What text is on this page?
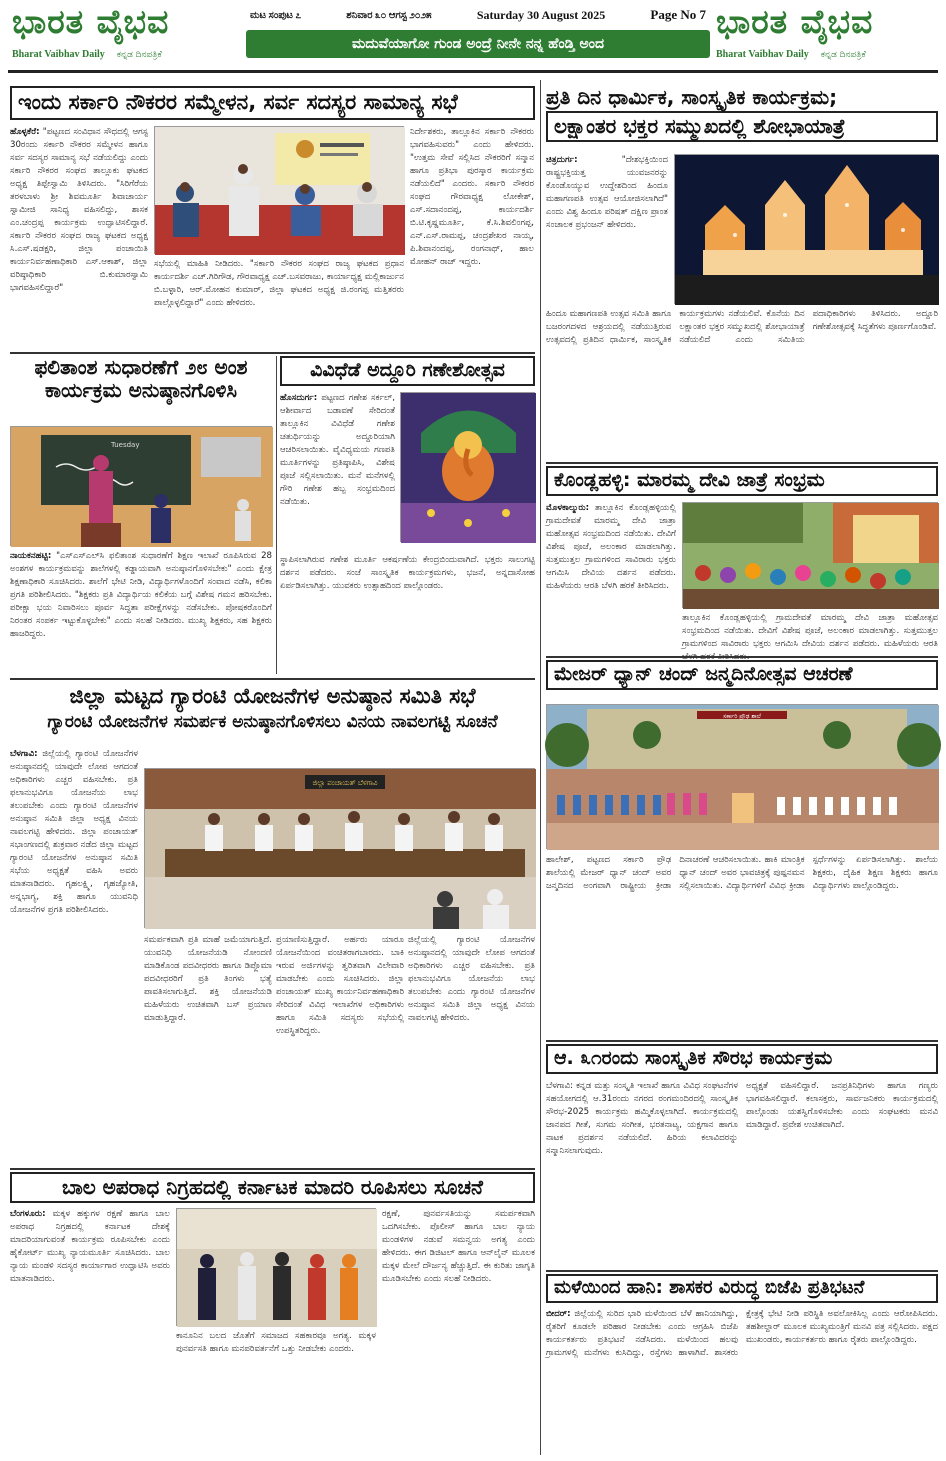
ಭಾರತ ವೈಭವ
Bharat Vaibhav Daily ಕನ್ನಡ ದಿನಪತ್ರಿಕೆ
ಮಟ ಸಂಪುಟ ೭	ಶನಿವಾರ ೩೦ ಆಗಸ್ಟ ೨೦೨೫	Saturday 30 August 2025	Page No 7
ಮದುವೆಯಾಗೋ ಗುಂಡ ಅಂದ್ರೆ ನೀನೇ ನನ್ನ ಹೆಂಡ್ತಿ ಅಂದ
ಭಾರತ ವೈಭವ
Bharat Vaibhav Daily ಕನ್ನಡ ದಿನಪತ್ರಿಕೆ
ಇಂದು ಸರ್ಕಾರಿ ನೌಕರರ ಸಮ್ಮೇಳನ, ಸರ್ವ ಸದಸ್ಯರ ಸಾಮಾನ್ಯ ಸಭೆ
ಹೊಳ್ಳಕೆರೆ: "ಪಟ್ಟಣದ ಸಂವಿಧಾನ ಸೌಧದಲ್ಲಿ ಆಗಸ್ಟ 30ರಂದು ಸರ್ಕಾರಿ ನೌಕರರ ಸಮ್ಮೇಳನ ಹಾಗೂ ಸರ್ವ ಸದಸ್ಯರ ಸಾಮಾನ್ಯ ಸಭೆ ನಡೆಯಲಿದ್ದು ಎಂದು ಸರ್ಕಾರಿ ನೌಕರರ ಸಂಘದ ತಾಲ್ಲೂಕು ಘಟಕದ ಅಧ್ಯಕ್ಷ ತಿಪ್ಪೇಸ್ವಾಮಿ ತಿಳಿಸಿದರು. "ಸಿರಿಗೆರೆಯ ತರಳಬಾಳು ಶ್ರೀ ಶಿವಮೂರ್ತಿ ಶಿವಾಚಾರ್ಯ ಸ್ವಾಮೀಜಿ ಸಾನಿಧ್ಯ ವಹಿಸಲಿದ್ದು, ಶಾಸಕ ಎಂ.ಚಂದ್ರಪ್ಪ ಕಾರ್ಯಕ್ರಮ ಉದ್ಘಾಟಿಸಲಿದ್ದಾರೆ. ಸರ್ಕಾರಿ ನೌಕರರ ಸಂಘದ ರಾಜ್ಯ ಘಟಕದ ಅಧ್ಯಕ್ಷ ಸಿ.ಎಸ್.ಷಡಕ್ಷರಿ, ಜಿಲ್ಲಾ ಪಂಚಾಯಿತಿ ಕಾರ್ಯನಿರ್ವಹಣಾಧಿಕಾರಿ ಎಸ್.ಆಕಾಶ್, ಜಿಲ್ಲಾ ವರಿಷ್ಠಾಧಿಕಾರಿ ಬಿ.ಕುಮಾರಸ್ವಾಮಿ ಭಾಗವಹಿಸಲಿದ್ದಾರೆ"
ಸಭೆಯಲ್ಲಿ ಮಾಹಿತಿ ನೀಡಿದರು. "ಸರ್ಕಾರಿ ನೌಕರರ ಸಂಘದ ರಾಜ್ಯ ಘಟಕದ ಪ್ರಧಾನ ಕಾರ್ಯದರ್ಶಿ ಎಚ್.ಗಿರಿಗೌಡ, ಗೌರವಾಧ್ಯಕ್ಷ ಎಚ್.ಬಸವರಾಜು, ಕಾರ್ಯಾಧ್ಯಕ್ಷ ಮಲ್ಲಿಕಾರ್ಜುನ ಬಿ.ಬಳ್ಳಾರಿ, ಆರ್.ಮೋಹನ ಕುಮಾರ್, ಜಿಲ್ಲಾ ಘಟಕದ ಅಧ್ಯಕ್ಷ ಜಿ.ರಂಗಪ್ಪ ಮತ್ತಿತರರು ಪಾಲ್ಗೊಳ್ಳಲಿದ್ದಾರೆ" ಎಂದು ಹೇಳಿದರು.
ನಿರ್ದೇಶಕರು, ತಾಲ್ಲೂಕಿನ ಸರ್ಕಾರಿ ನೌಕರರು ಭಾಗವಹಿಸುವರು" ಎಂದು ಹೇಳಿದರು. "ಉತ್ತಮ ಸೇವೆ ಸಲ್ಲಿಸಿದ ನೌಕರರಿಗೆ ಸನ್ಮಾನ ಹಾಗೂ ಪ್ರತಿಭಾ ಪುರಸ್ಕಾರ ಕಾರ್ಯಕ್ರಮ ನಡೆಯಲಿದೆ" ಎಂದರು. ಸರ್ಕಾರಿ ನೌಕರರ ಸಂಘದ ಗೌರವಾಧ್ಯಕ್ಷ ಲೋಕೇಶ್, ಎಸ್.ಸದಾನಂದಪ್ಪ, ಕಾರ್ಯದರ್ಶಿ ಬಿ.ಟಿ.ಕೃಷ್ಣಮೂರ್ತಿ, ಕೆ.ಸಿ.ಶಿವಲಿಂಗಪ್ಪ, ಎನ್.ಎಸ್.ರಾಮಪ್ಪ, ಚಂದ್ರಶೇಖರ ನಾಯ್ಕ, ಪಿ.ಶಿವಾನಂದಪ್ಪ, ರಂಗನಾಥ್, ಹಾಲ ಮೋಹನ್ ರಾಜ್ ಇದ್ದರು.
ಫಲಿತಾಂಶ ಸುಧಾರಣೆಗೆ ೨೮ ಅಂಶ
ಕಾರ್ಯಕ್ರಮ ಅನುಷ್ಠಾನಗೊಳಿಸಿ
Tuesday
ನಾಯಕನಹಟ್ಟಿ: "ಎಸ್ಎಸ್ಎಲ್‌ಸಿ ಫಲಿತಾಂಶ ಸುಧಾರಣೆಗೆ ಶಿಕ್ಷಣ ಇಲಾಖೆ ರೂಪಿಸಿರುವ 28 ಅಂಶಗಳ ಕಾರ್ಯಕ್ರಮವನ್ನು ಶಾಲೆಗಳಲ್ಲಿ ಕಡ್ಡಾಯವಾಗಿ ಅನುಷ್ಠಾನಗೊಳಿಸಬೇಕು" ಎಂದು ಕ್ಷೇತ್ರ ಶಿಕ್ಷಣಾಧಿಕಾರಿ ಸೂಚಿಸಿದರು. ಶಾಲೆಗೆ ಭೇಟಿ ನೀಡಿ, ವಿದ್ಯಾರ್ಥಿಗಳೊಂದಿಗೆ ಸಂವಾದ ನಡೆಸಿ, ಕಲಿಕಾ ಪ್ರಗತಿ ಪರಿಶೀಲಿಸಿದರು. "ಶಿಕ್ಷಕರು ಪ್ರತಿ ವಿದ್ಯಾರ್ಥಿಯ ಕಲಿಕೆಯ ಬಗ್ಗೆ ವಿಶೇಷ ಗಮನ ಹರಿಸಬೇಕು. ಪರೀಕ್ಷಾ ಭಯ ನಿವಾರಿಸಲು ಪೂರ್ವ ಸಿದ್ಧತಾ ಪರೀಕ್ಷೆಗಳನ್ನು ನಡೆಸಬೇಕು. ಪೋಷಕರೊಂದಿಗೆ ನಿರಂತರ ಸಂಪರ್ಕ ಇಟ್ಟುಕೊಳ್ಳಬೇಕು" ಎಂದು ಸಲಹೆ ನೀಡಿದರು. ಮುಖ್ಯ ಶಿಕ್ಷಕರು, ಸಹ ಶಿಕ್ಷಕರು ಹಾಜರಿದ್ದರು.
ವಿವಿಧೆಡೆ ಅದ್ದೂರಿ ಗಣೇಶೋತ್ಸವ
ಹೊಸದುರ್ಗ: ಪಟ್ಟಣದ ಗಣೇಶ ಸರ್ಕಲ್, ಆಶೀರ್ವಾದ ಬಡಾವಣೆ ಸೇರಿದಂತೆ ತಾಲ್ಲೂಕಿನ ವಿವಿಧೆಡೆ ಗಣೇಶ ಚತುರ್ಥಿಯನ್ನು ಅದ್ದೂರಿಯಾಗಿ ಆಚರಿಸಲಾಯಿತು. ವೈವಿಧ್ಯಮಯ ಗಣಪತಿ ಮೂರ್ತಿಗಳನ್ನು ಪ್ರತಿಷ್ಠಾಪಿಸಿ, ವಿಶೇಷ ಪೂಜೆ ಸಲ್ಲಿಸಲಾಯಿತು. ಮನೆ ಮನೆಗಳಲ್ಲಿ ಗೌರಿ ಗಣೇಶ ಹಬ್ಬ ಸಂಭ್ರಮದಿಂದ ನಡೆಯಿತು.
ಸ್ಥಾಪಿಸಲಾಗಿರುವ ಗಣೇಶ ಮೂರ್ತಿ ಆಕರ್ಷಣೆಯ ಕೇಂದ್ರಬಿಂದುವಾಗಿದೆ. ಭಕ್ತರು ಸಾಲುಗಟ್ಟಿ ದರ್ಶನ ಪಡೆದರು. ಸಂಜೆ ಸಾಂಸ್ಕೃತಿಕ ಕಾರ್ಯಕ್ರಮಗಳು, ಭಜನೆ, ಅನ್ನದಾಸೋಹ ಏರ್ಪಡಿಸಲಾಗಿತ್ತು. ಯುವಕರು ಉತ್ಸಾಹದಿಂದ ಪಾಲ್ಗೊಂಡರು.
ಜಿಲ್ಲಾ ಮಟ್ಟದ ಗ್ಯಾರಂಟಿ ಯೋಜನೆಗಳ ಅನುಷ್ಠಾನ ಸಮಿತಿ ಸಭೆ
ಗ್ಯಾರಂಟಿ ಯೋಜನೆಗಳ ಸಮರ್ಪಕ ಅನುಷ್ಠಾನಗೊಳಿಸಲು ವಿನಯ ನಾವಲಗಟ್ಟಿ ಸೂಚನೆ
ಬೆಳಗಾವಿ: ಜಿಲ್ಲೆಯಲ್ಲಿ ಗ್ಯಾರಂಟಿ ಯೋಜನೆಗಳ ಅನುಷ್ಠಾನದಲ್ಲಿ ಯಾವುದೇ ಲೋಪ ಆಗದಂತೆ ಅಧಿಕಾರಿಗಳು ಎಚ್ಚರ ವಹಿಸಬೇಕು. ಪ್ರತಿ ಫಲಾನುಭವಿಗೂ ಯೋಜನೆಯ ಲಾಭ ತಲುಪಬೇಕು ಎಂದು ಗ್ಯಾರಂಟಿ ಯೋಜನೆಗಳ ಅನುಷ್ಠಾನ ಸಮಿತಿ ಜಿಲ್ಲಾ ಅಧ್ಯಕ್ಷ ವಿನಯ ನಾವಲಗಟ್ಟಿ ಹೇಳಿದರು. ಜಿಲ್ಲಾ ಪಂಚಾಯತ್ ಸಭಾಂಗಣದಲ್ಲಿ ಶುಕ್ರವಾರ ನಡೆದ ಜಿಲ್ಲಾ ಮಟ್ಟದ ಗ್ಯಾರಂಟಿ ಯೋಜನೆಗಳ ಅನುಷ್ಠಾನ ಸಮಿತಿ ಸಭೆಯ ಅಧ್ಯಕ್ಷತೆ ವಹಿಸಿ ಅವರು ಮಾತನಾಡಿದರು. ಗೃಹಲಕ್ಷ್ಮಿ, ಗೃಹಜ್ಯೋತಿ, ಅನ್ನಭಾಗ್ಯ, ಶಕ್ತಿ ಹಾಗೂ ಯುವನಿಧಿ ಯೋಜನೆಗಳ ಪ್ರಗತಿ ಪರಿಶೀಲಿಸಿದರು.
ಜಿಲ್ಲಾ ಪಂಚಾಯತ್ ಬೆಳಗಾವಿ
ಸಮರ್ಪಕವಾಗಿ ಪ್ರತಿ ಮಾಹೆ ಜಮೆಯಾಗುತ್ತಿದೆ. ಯುವನಿಧಿ ಯೋಜನೆಯಡಿ ನೋಂದಣಿ ಮಾಡಿಕೊಂಡ ಪದವೀಧರರು ಹಾಗೂ ಡಿಪ್ಲೊಮಾ ಪದವೀಧರರಿಗೆ ಪ್ರತಿ ತಿಂಗಳು ಭತ್ಯೆ ಪಾವತಿಸಲಾಗುತ್ತಿದೆ. ಶಕ್ತಿ ಯೋಜನೆಯಡಿ ಮಹಿಳೆಯರು ಉಚಿತವಾಗಿ ಬಸ್ ಪ್ರಯಾಣ ಮಾಡುತ್ತಿದ್ದಾರೆ.
ಪ್ರಯಾಣಿಸುತ್ತಿದ್ದಾರೆ. ಅರ್ಹರು ಯಾರೂ ಯೋಜನೆಯಿಂದ ವಂಚಿತರಾಗಬಾರದು. ಬಾಕಿ ಇರುವ ಅರ್ಜಿಗಳನ್ನು ತ್ವರಿತವಾಗಿ ವಿಲೇವಾರಿ ಮಾಡಬೇಕು ಎಂದು ಸೂಚಿಸಿದರು. ಜಿಲ್ಲಾ ಪಂಚಾಯತ್ ಮುಖ್ಯ ಕಾರ್ಯನಿರ್ವಹಣಾಧಿಕಾರಿ ಸೇರಿದಂತೆ ವಿವಿಧ ಇಲಾಖೆಗಳ ಅಧಿಕಾರಿಗಳು ಹಾಗೂ ಸಮಿತಿ ಸದಸ್ಯರು ಸಭೆಯಲ್ಲಿ ಉಪಸ್ಥಿತರಿದ್ದರು.
ಜಿಲ್ಲೆಯಲ್ಲಿ ಗ್ಯಾರಂಟಿ ಯೋಜನೆಗಳ ಅನುಷ್ಠಾನದಲ್ಲಿ ಯಾವುದೇ ಲೋಪ ಆಗದಂತೆ ಅಧಿಕಾರಿಗಳು ಎಚ್ಚರ ವಹಿಸಬೇಕು. ಪ್ರತಿ ಫಲಾನುಭವಿಗೂ ಯೋಜನೆಯ ಲಾಭ ತಲುಪಬೇಕು ಎಂದು ಗ್ಯಾರಂಟಿ ಯೋಜನೆಗಳ ಅನುಷ್ಠಾನ ಸಮಿತಿ ಜಿಲ್ಲಾ ಅಧ್ಯಕ್ಷ ವಿನಯ ನಾವಲಗಟ್ಟಿ ಹೇಳಿದರು.
ಬಾಲ ಅಪರಾಧ ನಿಗ್ರಹದಲ್ಲಿ ಕರ್ನಾಟಕ ಮಾದರಿ ರೂಪಿಸಲು ಸೂಚನೆ
ಬೆಂಗಳೂರು: ಮಕ್ಕಳ ಹಕ್ಕುಗಳ ರಕ್ಷಣೆ ಹಾಗೂ ಬಾಲ ಅಪರಾಧ ನಿಗ್ರಹದಲ್ಲಿ ಕರ್ನಾಟಕ ದೇಶಕ್ಕೆ ಮಾದರಿಯಾಗುವಂತೆ ಕಾರ್ಯಕ್ರಮ ರೂಪಿಸಬೇಕು ಎಂದು ಹೈಕೋರ್ಟ್ ಮುಖ್ಯ ನ್ಯಾಯಮೂರ್ತಿ ಸೂಚಿಸಿದರು. ಬಾಲ ನ್ಯಾಯ ಮಂಡಳಿ ಸದಸ್ಯರ ಕಾರ್ಯಾಗಾರ ಉದ್ಘಾಟಿಸಿ ಅವರು ಮಾತನಾಡಿದರು.
ಕಾನೂನಿನ ಬಲದ ಜೊತೆಗೆ ಸಮಾಜದ ಸಹಕಾರವೂ ಅಗತ್ಯ. ಮಕ್ಕಳ ಪುನರ್ವಸತಿ ಹಾಗೂ ಮನಪರಿವರ್ತನೆಗೆ ಒತ್ತು ನೀಡಬೇಕು ಎಂದರು.
ರಕ್ಷಣೆ, ಪುನರ್ವಸತಿಯನ್ನು ಸಮರ್ಪಕವಾಗಿ ಒದಗಿಸಬೇಕು. ಪೊಲೀಸ್ ಹಾಗೂ ಬಾಲ ನ್ಯಾಯ ಮಂಡಳಿಗಳ ನಡುವೆ ಸಮನ್ವಯ ಅಗತ್ಯ ಎಂದು ಹೇಳಿದರು. ಈಗ ಡಿಜಿಟಲ್ ಹಾಗೂ ಆನ್‌ಲೈನ್ ಮೂಲಕ ಮಕ್ಕಳ ಮೇಲೆ ದೌರ್ಜನ್ಯ ಹೆಚ್ಚುತ್ತಿದೆ. ಈ ಕುರಿತು ಜಾಗೃತಿ ಮೂಡಿಸಬೇಕು ಎಂದು ಸಲಹೆ ನೀಡಿದರು.
ಪ್ರತಿ ದಿನ ಧಾರ್ಮಿಕ, ಸಾಂಸ್ಕೃತಿಕ ಕಾರ್ಯಕ್ರಮ;
ಲಕ್ಷಾಂತರ ಭಕ್ತರ ಸಮ್ಮುಖದಲ್ಲಿ ಶೋಭಾಯಾತ್ರೆ
ಚಿತ್ರದುರ್ಗ:	"ದೇಶಭಕ್ತಿಯಿಂದ ರಾಷ್ಟ್ರಭಕ್ತಿಯತ್ತ ಯುವಜನರನ್ನು ಕೊಂಡೊಯ್ಯುವ ಉದ್ದೇಶದಿಂದ ಹಿಂದೂ ಮಹಾಗಣಪತಿ ಉತ್ಸವ ಆಯೋಜಿಸಲಾಗಿದೆ" ಎಂದು ವಿಶ್ವ ಹಿಂದೂ ಪರಿಷತ್ ದಕ್ಷಿಣ ಪ್ರಾಂತ ಸಂಚಾಲಕ ಪ್ರಭಂಜನ್ ಹೇಳಿದರು.
ಹಿಂದೂ ಮಹಾಗಣಪತಿ ಉತ್ಸವ ಸಮಿತಿ ಹಾಗೂ ಬಜರಂಗದಳದ ಆಶ್ರಯದಲ್ಲಿ ನಡೆಯುತ್ತಿರುವ ಉತ್ಸವದಲ್ಲಿ ಪ್ರತಿದಿನ ಧಾರ್ಮಿಕ, ಸಾಂಸ್ಕೃತಿಕ ಕಾರ್ಯಕ್ರಮಗಳು ನಡೆಯಲಿವೆ. ಕೊನೆಯ ದಿನ ಲಕ್ಷಾಂತರ ಭಕ್ತರ ಸಮ್ಮುಖದಲ್ಲಿ ಶೋಭಾಯಾತ್ರೆ ನಡೆಯಲಿದೆ ಎಂದು ಸಮಿತಿಯ ಪದಾಧಿಕಾರಿಗಳು ತಿಳಿಸಿದರು. ಅದ್ದೂರಿ ಗಣೇಶೋತ್ಸವಕ್ಕೆ ಸಿದ್ಧತೆಗಳು ಪೂರ್ಣಗೊಂಡಿವೆ.
ಕೊಂಡ್ಲಹಳ್ಳಿ: ಮಾರಮ್ಮ ದೇವಿ ಜಾತ್ರೆ ಸಂಭ್ರಮ
ಮೊಳಕಾಲ್ಮುರು: ತಾಲ್ಲೂಕಿನ ಕೊಂಡ್ಲಹಳ್ಳಿಯಲ್ಲಿ ಗ್ರಾಮದೇವತೆ ಮಾರಮ್ಮ ದೇವಿ ಜಾತ್ರಾ ಮಹೋತ್ಸವ ಸಂಭ್ರಮದಿಂದ ನಡೆಯಿತು. ದೇವಿಗೆ ವಿಶೇಷ ಪೂಜೆ, ಅಲಂಕಾರ ಮಾಡಲಾಗಿತ್ತು. ಸುತ್ತಮುತ್ತಲ ಗ್ರಾಮಗಳಿಂದ ಸಾವಿರಾರು ಭಕ್ತರು ಆಗಮಿಸಿ ದೇವಿಯ ದರ್ಶನ ಪಡೆದರು. ಮಹಿಳೆಯರು ಆರತಿ ಬೆಳಗಿ ಹರಕೆ ತೀರಿಸಿದರು.
ತಾಲ್ಲೂಕಿನ ಕೊಂಡ್ಲಹಳ್ಳಿಯಲ್ಲಿ ಗ್ರಾಮದೇವತೆ ಮಾರಮ್ಮ ದೇವಿ ಜಾತ್ರಾ ಮಹೋತ್ಸವ ಸಂಭ್ರಮದಿಂದ ನಡೆಯಿತು. ದೇವಿಗೆ ವಿಶೇಷ ಪೂಜೆ, ಅಲಂಕಾರ ಮಾಡಲಾಗಿತ್ತು. ಸುತ್ತಮುತ್ತಲ ಗ್ರಾಮಗಳಿಂದ ಸಾವಿರಾರು ಭಕ್ತರು ಆಗಮಿಸಿ ದೇವಿಯ ದರ್ಶನ ಪಡೆದರು. ಮಹಿಳೆಯರು ಆರತಿ
ಮೇಜರ್ ಧ್ಯಾನ್ ಚಂದ್ ಜನ್ಮದಿನೋತ್ಸವ ಆಚರಣೆ
ಸರ್ಕಾರಿ ಪ್ರೌಢ ಶಾಲೆ
ಹಾಲೇಶ್, ಪಟ್ಟಣದ ಸರ್ಕಾರಿ ಪ್ರೌಢ ಶಾಲೆಯಲ್ಲಿ ಮೇಜರ್ ಧ್ಯಾನ್ ಚಂದ್ ಅವರ ಜನ್ಮದಿನದ ಅಂಗವಾಗಿ ರಾಷ್ಟ್ರೀಯ ಕ್ರೀಡಾ ದಿನಾಚರಣೆ ಆಚರಿಸಲಾಯಿತು. ಹಾಕಿ ಮಾಂತ್ರಿಕ ಧ್ಯಾನ್ ಚಂದ್ ಅವರ ಭಾವಚಿತ್ರಕ್ಕೆ ಪುಷ್ಪನಮನ ಸಲ್ಲಿಸಲಾಯಿತು. ವಿದ್ಯಾರ್ಥಿಗಳಿಗೆ ವಿವಿಧ ಕ್ರೀಡಾ ಸ್ಪರ್ಧೆಗಳನ್ನು ಏರ್ಪಡಿಸಲಾಗಿತ್ತು. ಶಾಲೆಯ ಶಿಕ್ಷಕರು, ದೈಹಿಕ ಶಿಕ್ಷಣ ಶಿಕ್ಷಕರು ಹಾಗೂ ವಿದ್ಯಾರ್ಥಿಗಳು ಪಾಲ್ಗೊಂಡಿದ್ದರು.
ಆ. ೩೧ರಂದು ಸಾಂಸ್ಕೃತಿಕ ಸೌರಭ ಕಾರ್ಯಕ್ರಮ
ಬೆಳಗಾವಿ: ಕನ್ನಡ ಮತ್ತು ಸಂಸ್ಕೃತಿ ಇಲಾಖೆ ಹಾಗೂ ವಿವಿಧ ಸಂಘಟನೆಗಳ ಸಹಯೋಗದಲ್ಲಿ ಆ.31ರಂದು ನಗರದ ರಂಗಮಂದಿರದಲ್ಲಿ ಸಾಂಸ್ಕೃತಿಕ ಸೌರಭ-2025 ಕಾರ್ಯಕ್ರಮ ಹಮ್ಮಿಕೊಳ್ಳಲಾಗಿದೆ. ಕಾರ್ಯಕ್ರಮದಲ್ಲಿ ಜಾನಪದ ಗೀತೆ, ಸುಗಮ ಸಂಗೀತ, ಭರತನಾಟ್ಯ, ಯಕ್ಷಗಾನ ಹಾಗೂ ನಾಟಕ ಪ್ರದರ್ಶನ ನಡೆಯಲಿದೆ. ಹಿರಿಯ ಕಲಾವಿದರನ್ನು ಸನ್ಮಾನಿಸಲಾಗುವುದು.
ಅಧ್ಯಕ್ಷತೆ ವಹಿಸಲಿದ್ದಾರೆ. ಜನಪ್ರತಿನಿಧಿಗಳು ಹಾಗೂ ಗಣ್ಯರು ಭಾಗವಹಿಸಲಿದ್ದಾರೆ. ಕಲಾಸಕ್ತರು, ಸಾರ್ವಜನಿಕರು ಕಾರ್ಯಕ್ರಮದಲ್ಲಿ ಪಾಲ್ಗೊಂಡು ಯಶಸ್ವಿಗೊಳಿಸಬೇಕು ಎಂದು ಸಂಘಟಕರು ಮನವಿ ಮಾಡಿದ್ದಾರೆ. ಪ್ರವೇಶ ಉಚಿತವಾಗಿದೆ.
ಮಳೆಯಿಂದ ಹಾನಿ: ಶಾಸಕರ ವಿರುದ್ಧ ಬಿಜೆಪಿ ಪ್ರತಿಭಟನೆ
ಬೀದರ್: ಜಿಲ್ಲೆಯಲ್ಲಿ ಸುರಿದ ಭಾರಿ ಮಳೆಯಿಂದ ಬೆಳೆ ಹಾನಿಯಾಗಿದ್ದು, ರೈತರಿಗೆ ಕೂಡಲೇ ಪರಿಹಾರ ನೀಡಬೇಕು ಎಂದು ಆಗ್ರಹಿಸಿ ಬಿಜೆಪಿ ಕಾರ್ಯಕರ್ತರು ಪ್ರತಿಭಟನೆ ನಡೆಸಿದರು. ಮಳೆಯಿಂದ ಹಲವು ಗ್ರಾಮಗಳಲ್ಲಿ ಮನೆಗಳು ಕುಸಿದಿದ್ದು, ರಸ್ತೆಗಳು ಹಾಳಾಗಿವೆ. ಶಾಸಕರು ಕ್ಷೇತ್ರಕ್ಕೆ ಭೇಟಿ ನೀಡಿ ಪರಿಸ್ಥಿತಿ ಅವಲೋಕಿಸಿಲ್ಲ ಎಂದು ಆರೋಪಿಸಿದರು. ತಹಶೀಲ್ದಾರ್ ಮೂಲಕ ಮುಖ್ಯಮಂತ್ರಿಗೆ ಮನವಿ ಪತ್ರ ಸಲ್ಲಿಸಿದರು. ಪಕ್ಷದ ಮುಖಂಡರು, ಕಾರ್ಯಕರ್ತರು ಹಾಗೂ ರೈತರು ಪಾಲ್ಗೊಂಡಿದ್ದರು.
